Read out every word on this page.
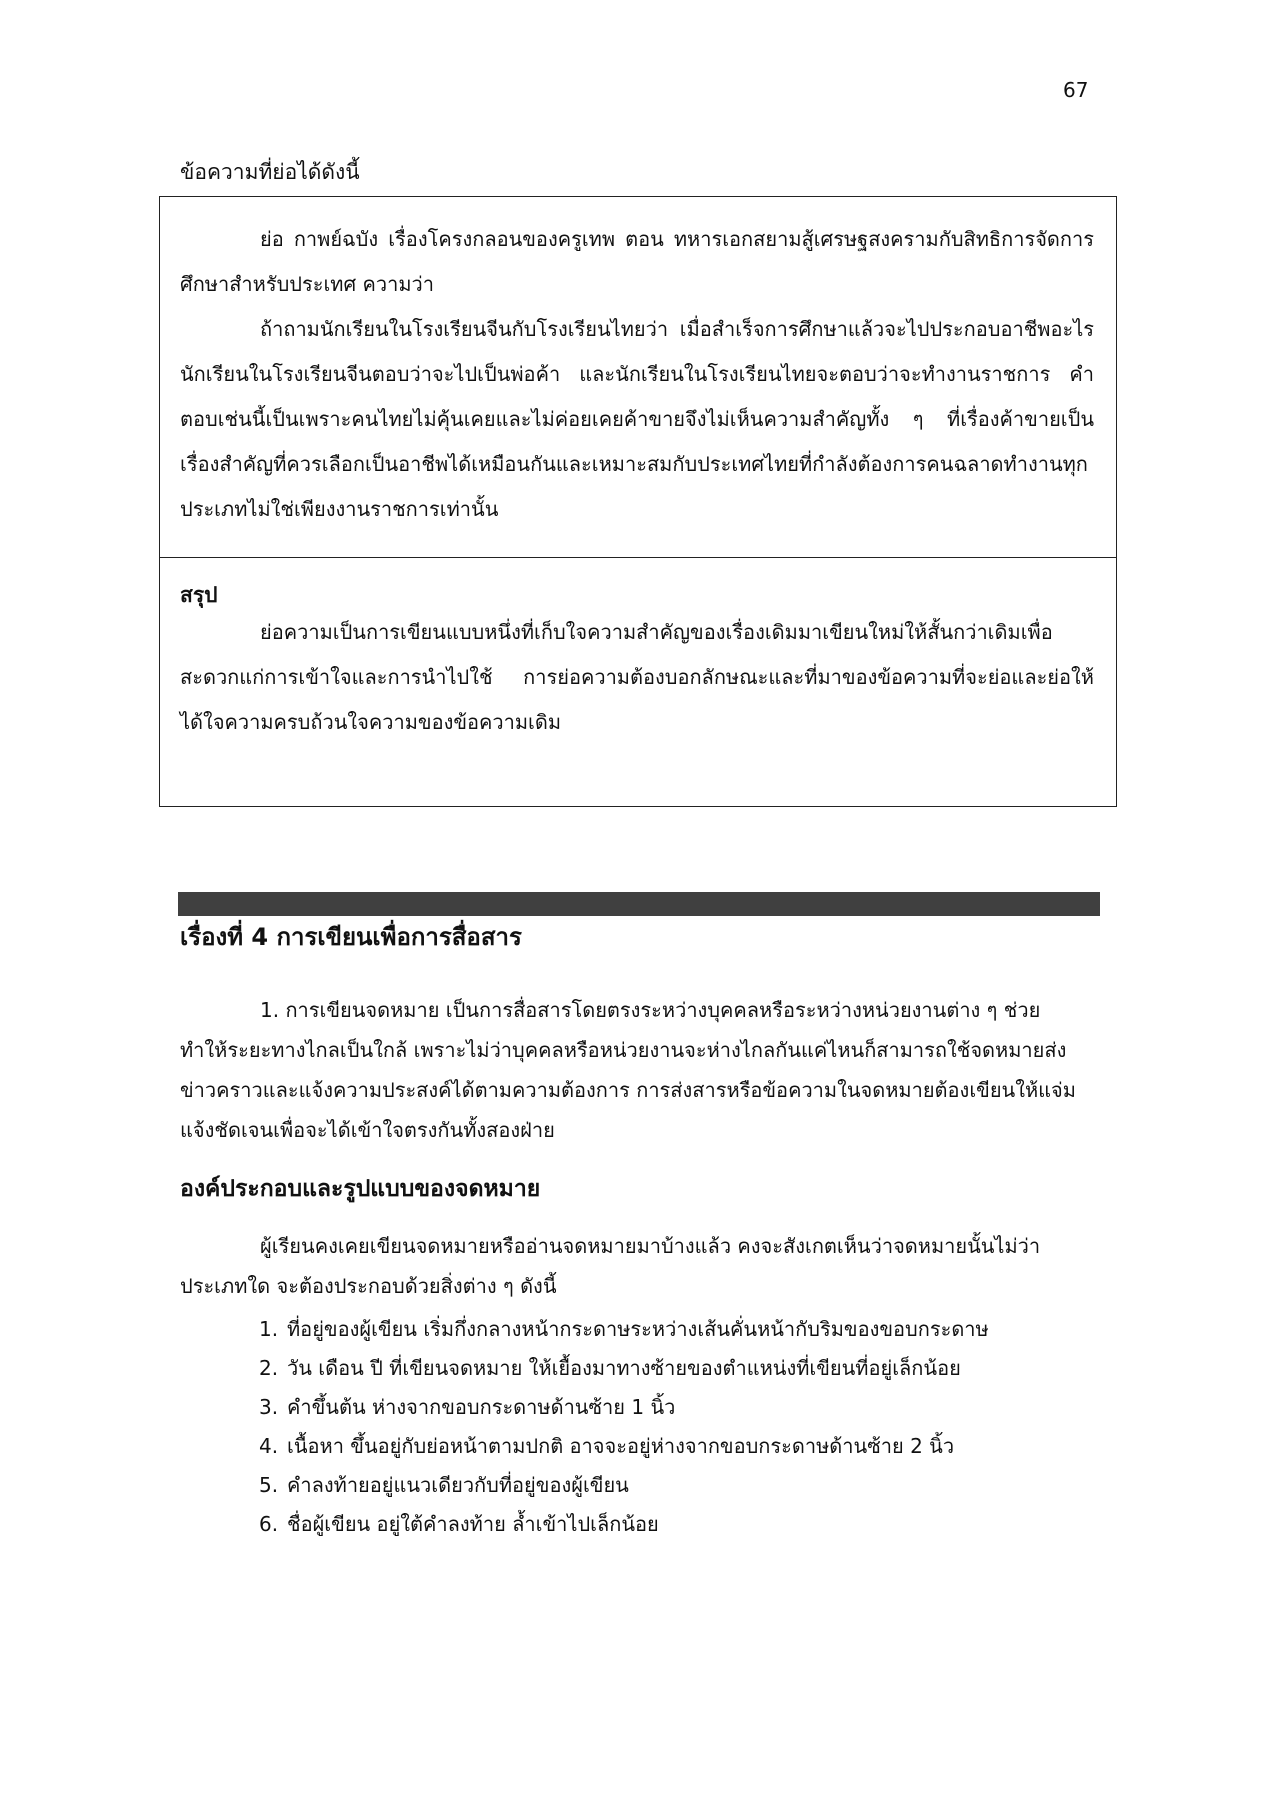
67
ข้อความที่ย่อได้ดังนี้

ย่อ กาพย์ฉบัง เรื่องโครงกลอนของครูเทพ ตอน ทหารเอกสยามสู้เศรษฐสงครามกับสิทธิการจัดการศึกษาสำหรับประเทศ ความว่า

ถ้าถามนักเรียนในโรงเรียนจีนกับโรงเรียนไทยว่า เมื่อสำเร็จการศึกษาแล้วจะไปประกอบอาชีพอะไร นักเรียนในโรงเรียนจีนตอบว่าจะไปเป็นพ่อค้า และนักเรียนในโรงเรียนไทยจะตอบว่าจะทำงานราชการ คำตอบเช่นนี้เป็นเพราะคนไทยไม่คุ้นเคยและไม่ค่อยเคยค้าขายจึงไม่เห็นความสำคัญทั้ง ๆ ที่เรื่องค้าขายเป็นเรื่องสำคัญที่ควรเลือกเป็นอาชีพได้เหมือนกันและเหมาะสมกับประเทศไทยที่กำลังต้องการคนฉลาดทำงานทุกประเภทไม่ใช่เพียงงานราชการเท่านั้น

สรุป

ย่อความเป็นการเขียนแบบหนึ่งที่เก็บใจความสำคัญของเรื่องเดิมมาเขียนใหม่ให้สั้นกว่าเดิมเพื่อสะดวกแก่การเข้าใจและการนำไปใช้ การย่อความต้องบอกลักษณะและที่มาของข้อความที่จะย่อและย่อให้ได้ใจความครบถ้วนใจความของข้อความเดิม

เรื่องที่ 4 การเขียนเพื่อการสื่อสาร

1. การเขียนจดหมาย เป็นการสื่อสารโดยตรงระหว่างบุคคลหรือระหว่างหน่วยงานต่าง ๆ ช่วยทำให้ระยะทางไกลเป็นใกล้ เพราะไม่ว่าบุคคลหรือหน่วยงานจะห่างไกลกันแค่ไหนก็สามารถใช้จดหมายส่งข่าวคราวและแจ้งความประสงค์ได้ตามความต้องการ การส่งสารหรือข้อความในจดหมายต้องเขียนให้แจ่มแจ้งชัดเจนเพื่อจะได้เข้าใจตรงกันทั้งสองฝ่าย

องค์ประกอบและรูปแบบของจดหมาย

ผู้เรียนคงเคยเขียนจดหมายหรืออ่านจดหมายมาบ้างแล้ว คงจะสังเกตเห็นว่าจดหมายนั้นไม่ว่าประเภทใด จะต้องประกอบด้วยสิ่งต่าง ๆ ดังนี้

1. ที่อยู่ของผู้เขียน เริ่มกึ่งกลางหน้ากระดาษระหว่างเส้นคั่นหน้ากับริมของขอบกระดาษ
2. วัน เดือน ปี ที่เขียนจดหมาย ให้เยื้องมาทางซ้ายของตำแหน่งที่เขียนที่อยู่เล็กน้อย
3. คำขึ้นต้น ห่างจากขอบกระดาษด้านซ้าย 1 นิ้ว
4. เนื้อหา ขึ้นอยู่กับย่อหน้าตามปกติ อาจจะอยู่ห่างจากขอบกระดาษด้านซ้าย 2 นิ้ว
5. คำลงท้ายอยู่แนวเดียวกับที่อยู่ของผู้เขียน
6. ชื่อผู้เขียน อยู่ใต้คำลงท้าย ล้ำเข้าไปเล็กน้อย
